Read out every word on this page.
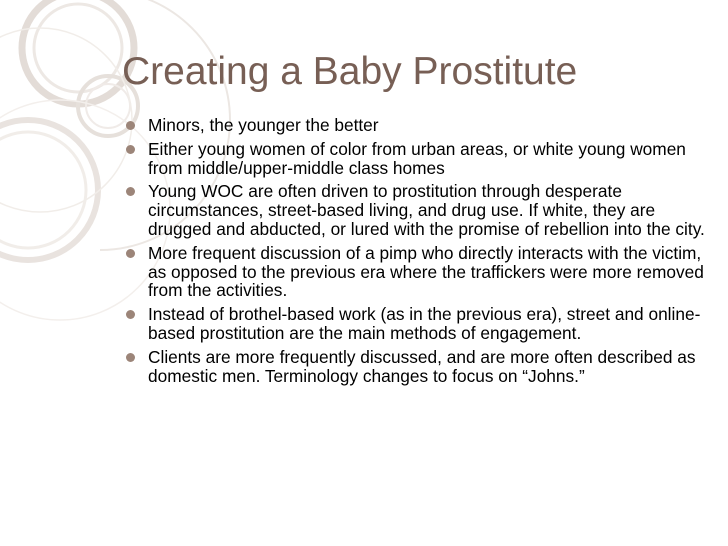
Creating a Baby Prostitute
Minors, the younger the better
Either young women of color from urban areas, or white young women from middle/upper-middle class homes
Young WOC are often driven to prostitution through desperate circumstances, street-based living, and drug use. If white, they are drugged and abducted, or lured with the promise of rebellion into the city.
More frequent discussion of a pimp who directly interacts with the victim, as opposed to the previous era where the traffickers were more removed from the activities.
Instead of brothel-based work (as in the previous era), street and online-based prostitution are the main methods of engagement.
Clients are more frequently discussed, and are more often described as domestic men. Terminology changes to focus on “Johns.”
